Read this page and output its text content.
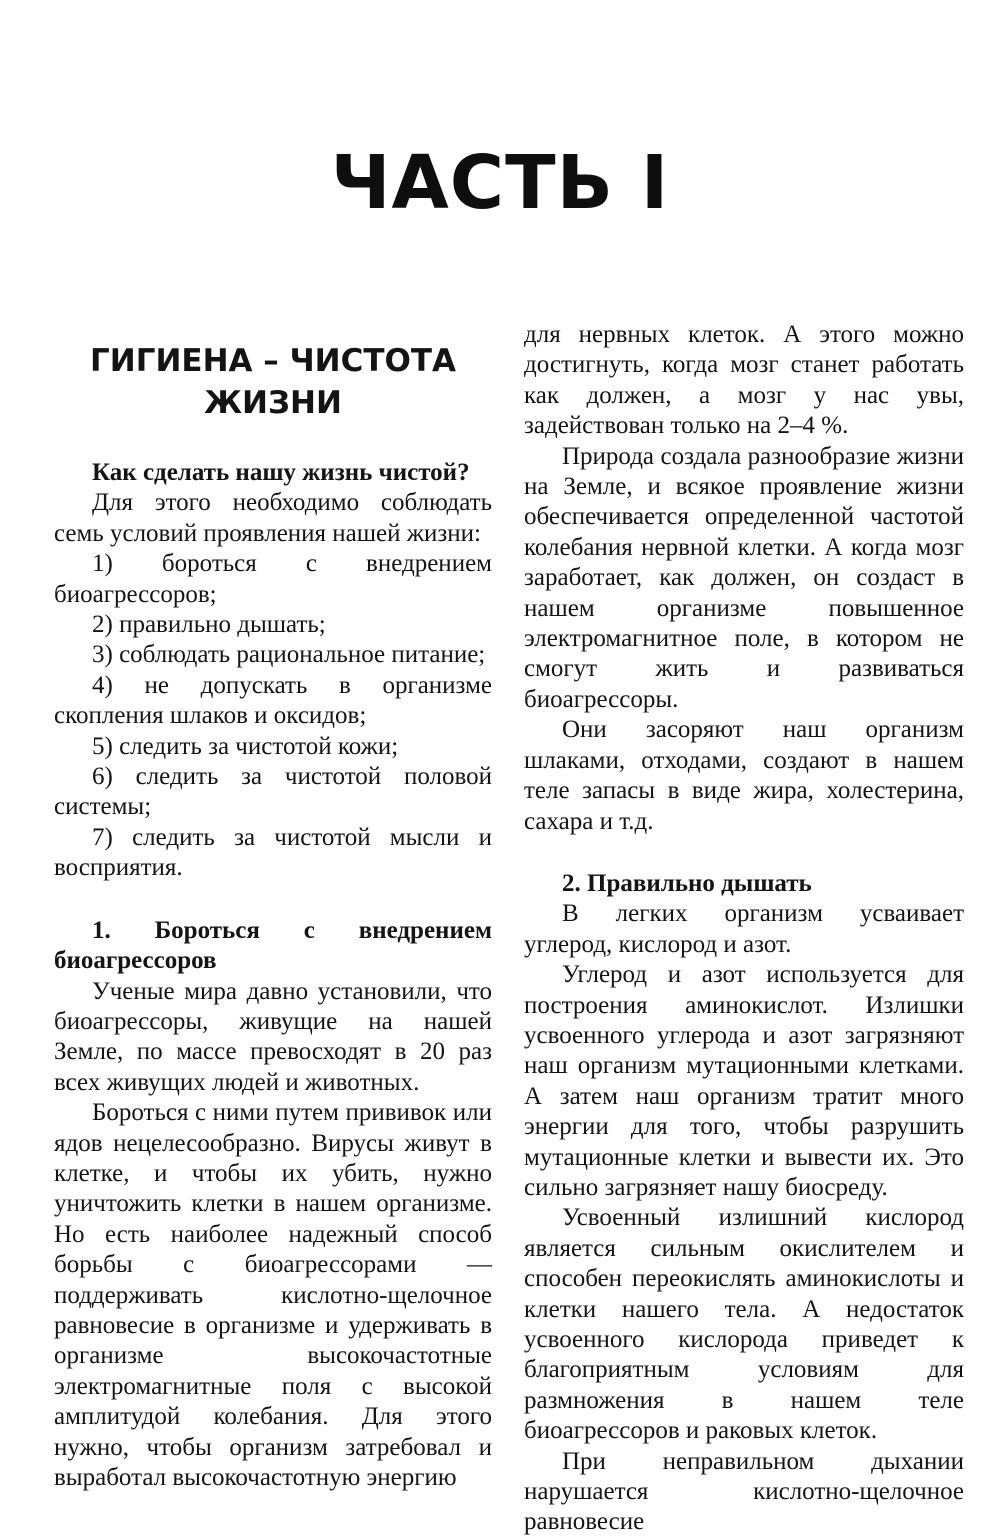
ЧАСТЬ I
ГИГИЕНА – ЧИСТОТА
ЖИЗНИ

Как сделать нашу жизнь чистой?

Для этого необходимо соблюдать семь условий проявления нашей жизни:

1) бороться с внедрением биоагрессоров;

2) правильно дышать;

3) соблюдать рациональное питание;

4) не допускать в организме скопления шлаков и оксидов;

5) следить за чистотой кожи;

6) следить за чистотой половой системы;

7) следить за чистотой мысли и восприятия.

1. Бороться с внедрением биоагрессоров

Ученые мира давно установили, что биоагрессоры, живущие на нашей Земле, по массе превосходят в 20 раз всех живущих людей и животных.

Бороться с ними путем прививок или ядов нецелесообразно. Вирусы живут в клетке, и чтобы их убить, нужно уничтожить клетки в нашем организме. Но есть наиболее надежный способ борьбы с биоагрессорами — поддерживать кислотно-щелочное равновесие в организме и удерживать в организме высокочастотные электромагнитные поля с высокой амплитудой колебания. Для этого нужно, чтобы организм затребовал и выработал высокочастотную энергию

для нервных клеток. А этого можно достигнуть, когда мозг станет работать как должен, а мозг у нас увы, задействован только на 2–4 %.

Природа создала разнообразие жизни на Земле, и всякое проявление жизни обеспечивается определенной частотой колебания нервной клетки. А когда мозг заработает, как должен, он создаст в нашем организме повышенное электромагнитное поле, в котором не смогут жить и развиваться биоагрессоры.

Они засоряют наш организм шлаками, отходами, создают в нашем теле запасы в виде жира, холестерина, сахара и т.д.

2. Правильно дышать

В легких организм усваивает углерод, кислород и азот.

Углерод и азот используется для построения аминокислот. Излишки усвоенного углерода и азот загрязняют наш организм мутационными клетками. А затем наш организм тратит много энергии для того, чтобы разрушить мутационные клетки и вывести их. Это сильно загрязняет нашу биосреду.

Усвоенный излишний кислород является сильным окислителем и способен переокислять аминокислоты и клетки нашего тела. А недостаток усвоенного кислорода приведет к благоприятным условиям для размножения в нашем теле биоагрессоров и раковых клеток.

При неправильном дыхании нарушается кислотно-щелочное равновесие
